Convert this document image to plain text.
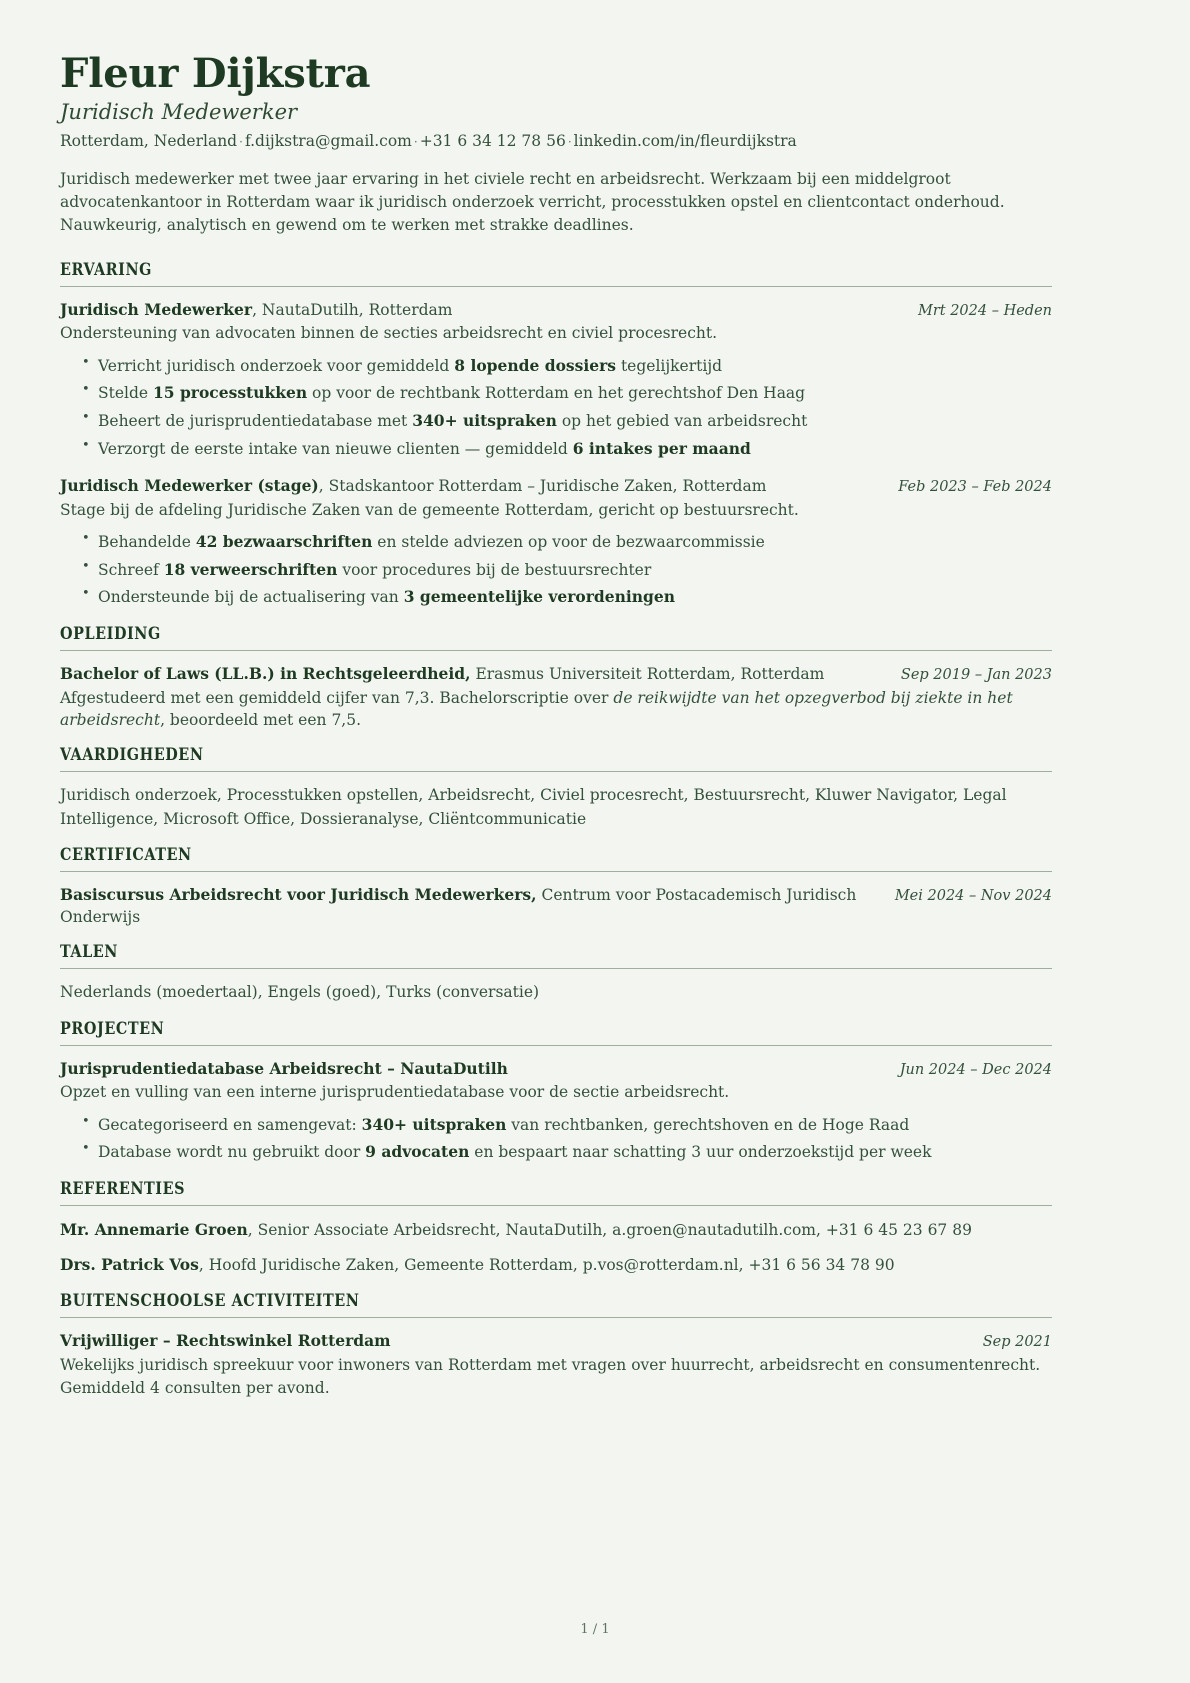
Fleur Dijkstra
Juridisch Medewerker
Rotterdam, Nederland · f.dijkstra@gmail.com · +31 6 34 12 78 56 · linkedin.com/in/fleurdijkstra
Juridisch medewerker met twee jaar ervaring in het civiele recht en arbeidsrecht. Werkzaam bij een middelgroot advocatenkantoor in Rotterdam waar ik juridisch onderzoek verricht, processtukken opstel en clientcontact onderhoud. Nauwkeurig, analytisch en gewend om te werken met strakke deadlines.
ERVARING
Juridisch Medewerker, NautaDutilh, Rotterdam	Mrt 2024 – Heden
Ondersteuning van advocaten binnen de secties arbeidsrecht en civiel procesrecht.
• Verricht juridisch onderzoek voor gemiddeld 8 lopende dossiers tegelijkertijd
• Stelde 15 processtukken op voor de rechtbank Rotterdam en het gerechtshof Den Haag
• Beheert de jurisprudentiedatabase met 340+ uitspraken op het gebied van arbeidsrecht
• Verzorgt de eerste intake van nieuwe clienten — gemiddeld 6 intakes per maand
Juridisch Medewerker (stage), Stadskantoor Rotterdam – Juridische Zaken, Rotterdam	Feb 2023 – Feb 2024
Stage bij de afdeling Juridische Zaken van de gemeente Rotterdam, gericht op bestuursrecht.
• Behandelde 42 bezwaarschriften en stelde adviezen op voor de bezwaarcommissie
• Schreef 18 verweerschriften voor procedures bij de bestuursrechter
• Ondersteunde bij de actualisering van 3 gemeentelijke verordeningen
OPLEIDING
Bachelor of Laws (LL.B.) in Rechtsgeleerdheid, Erasmus Universiteit Rotterdam, Rotterdam	Sep 2019 – Jan 2023
Afgestudeerd met een gemiddeld cijfer van 7,3. Bachelorscriptie over de reikwijdte van het opzegverbod bij ziekte in het arbeidsrecht, beoordeeld met een 7,5.
VAARDIGHEDEN
Juridisch onderzoek, Processtukken opstellen, Arbeidsrecht, Civiel procesrecht, Bestuursrecht, Kluwer Navigator, Legal Intelligence, Microsoft Office, Dossieranalyse, Cliëntcommunicatie
CERTIFICATEN
Basiscursus Arbeidsrecht voor Juridisch Medewerkers, Centrum voor Postacademisch Juridisch Onderwijs
Mei 2024 – Nov 2024
TALEN
Nederlands (moedertaal), Engels (goed), Turks (conversatie)
PROJECTEN
Jurisprudentiedatabase Arbeidsrecht – NautaDutilh	Jun 2024 – Dec 2024
Opzet en vulling van een interne jurisprudentiedatabase voor de sectie arbeidsrecht.
• Gecategoriseerd en samengevat: 340+ uitspraken van rechtbanken, gerechtshoven en de Hoge Raad
• Database wordt nu gebruikt door 9 advocaten en bespaart naar schatting 3 uur onderzoekstijd per week
REFERENTIES
Mr. Annemarie Groen, Senior Associate Arbeidsrecht, NautaDutilh, a.groen@nautadutilh.com, +31 6 45 23 67 89
Drs. Patrick Vos, Hoofd Juridische Zaken, Gemeente Rotterdam, p.vos@rotterdam.nl, +31 6 56 34 78 90
BUITENSCHOOLSE ACTIVITEITEN
Vrijwilliger – Rechtswinkel Rotterdam	Sep 2021
Wekelijks juridisch spreekuur voor inwoners van Rotterdam met vragen over huurrecht, arbeidsrecht en consumentenrecht. Gemiddeld 4 consulten per avond.
1 / 1
